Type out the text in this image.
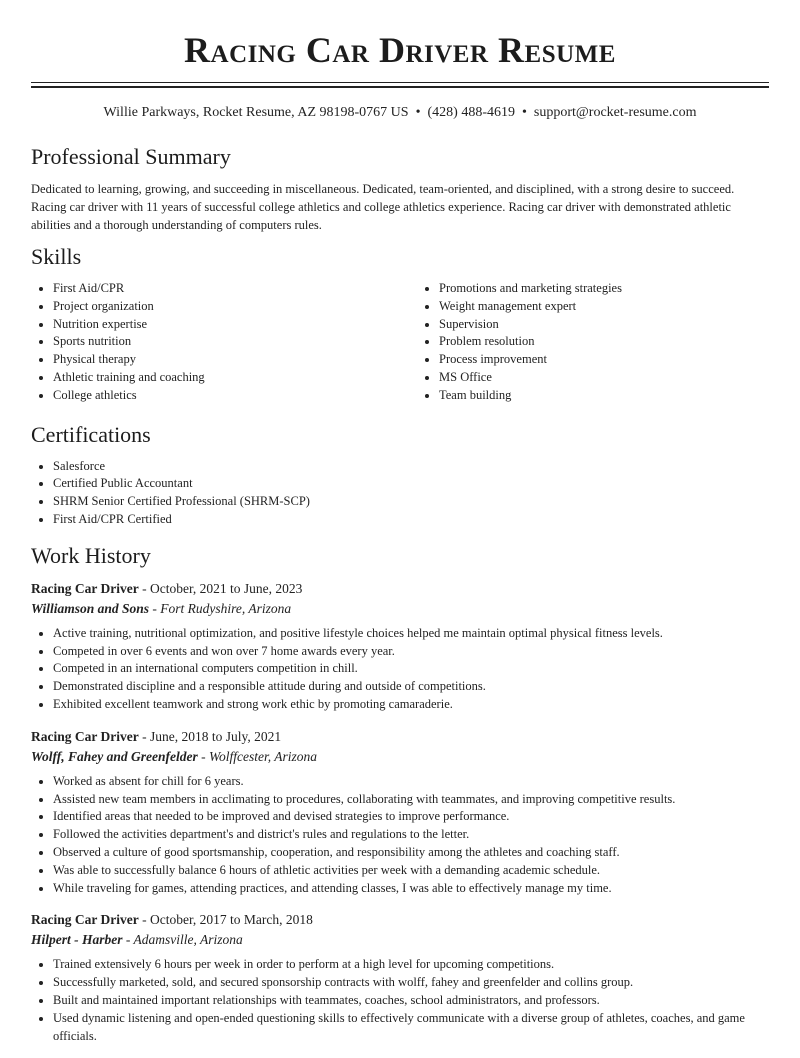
Racing Car Driver Resume
Willie Parkways, Rocket Resume, AZ 98198-0767 US • (428) 488-4619 • support@rocket-resume.com
Professional Summary

Dedicated to learning, growing, and succeeding in miscellaneous. Dedicated, team-oriented, and disciplined, with a strong desire to succeed. Racing car driver with 11 years of successful college athletics and college athletics experience. Racing car driver with demonstrated athletic abilities and a thorough understanding of computers rules.

Skills
• First Aid/CPR
• Project organization
• Nutrition expertise
• Sports nutrition
• Physical therapy
• Athletic training and coaching
• College athletics
• Promotions and marketing strategies
• Weight management expert
• Supervision
• Problem resolution
• Process improvement
• MS Office
• Team building
Certifications
• Salesforce
• Certified Public Accountant
• SHRM Senior Certified Professional (SHRM-SCP)
• First Aid/CPR Certified
Work History
Racing Car Driver - October, 2021 to June, 2023
Williamson and Sons - Fort Rudyshire, Arizona
• Active training, nutritional optimization, and positive lifestyle choices helped me maintain optimal physical fitness levels.
• Competed in over 6 events and won over 7 home awards every year.
• Competed in an international computers competition in chill.
• Demonstrated discipline and a responsible attitude during and outside of competitions.
• Exhibited excellent teamwork and strong work ethic by promoting camaraderie.
Racing Car Driver - June, 2018 to July, 2021
Wolff, Fahey and Greenfelder - Wolffcester, Arizona
• Worked as absent for chill for 6 years.
• Assisted new team members in acclimating to procedures, collaborating with teammates, and improving competitive results.
• Identified areas that needed to be improved and devised strategies to improve performance.
• Followed the activities department's and district's rules and regulations to the letter.
• Observed a culture of good sportsmanship, cooperation, and responsibility among the athletes and coaching staff.
• Was able to successfully balance 6 hours of athletic activities per week with a demanding academic schedule.
• While traveling for games, attending practices, and attending classes, I was able to effectively manage my time.
Racing Car Driver - October, 2017 to March, 2018
Hilpert - Harber - Adamsville, Arizona
• Trained extensively 6 hours per week in order to perform at a high level for upcoming competitions.
• Successfully marketed, sold, and secured sponsorship contracts with wolff, fahey and greenfelder and collins group.
• Built and maintained important relationships with teammates, coaches, school administrators, and professors.
• Used dynamic listening and open-ended questioning skills to effectively communicate with a diverse group of athletes, coaches, and game officials.
